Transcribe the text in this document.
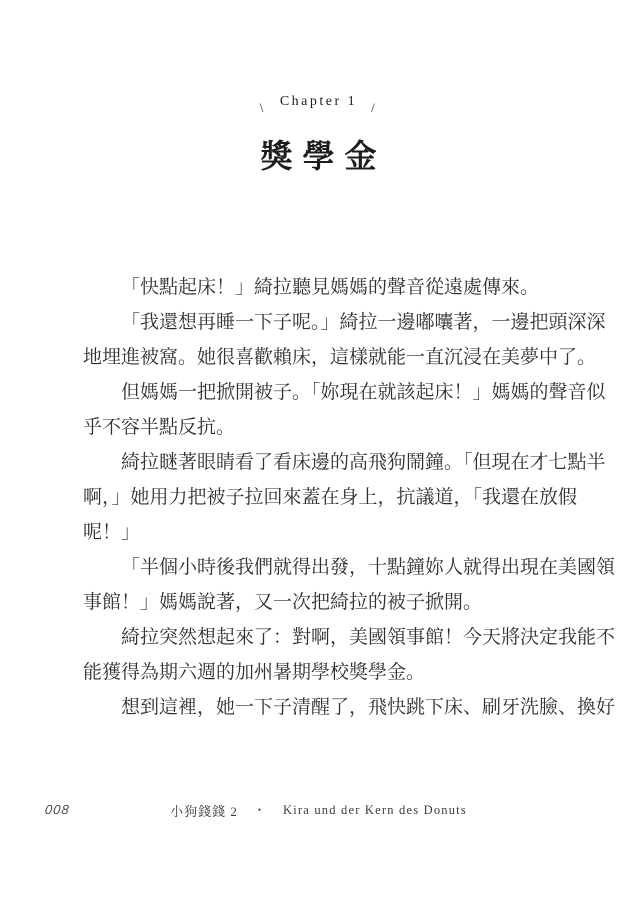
\ Chapter 1 /
獎學金
「快點起床！」綺拉聽見媽媽的聲音從遠處傳來。
「我還想再睡一下子呢。」綺拉一邊嘟囔著，一邊把頭深深
地埋進被窩。她很喜歡賴床，這樣就能一直沉浸在美夢中了。
但媽媽一把掀開被子。「妳現在就該起床！」媽媽的聲音似
乎不容半點反抗。
綺拉瞇著眼睛看了看床邊的高飛狗鬧鐘。「但現在才七點半
啊，」她用力把被子拉回來蓋在身上，抗議道，「我還在放假
呢！」
「半個小時後我們就得出發，十點鐘妳人就得出現在美國領
事館！」媽媽說著，又一次把綺拉的被子掀開。
綺拉突然想起來了：對啊，美國領事館！今天將決定我能不
能獲得為期六週的加州暑期學校獎學金。
想到這裡，她一下子清醒了，飛快跳下床、刷牙洗臉、換好
008	小狗錢錢 2 • Kira und der Kern des Donuts
